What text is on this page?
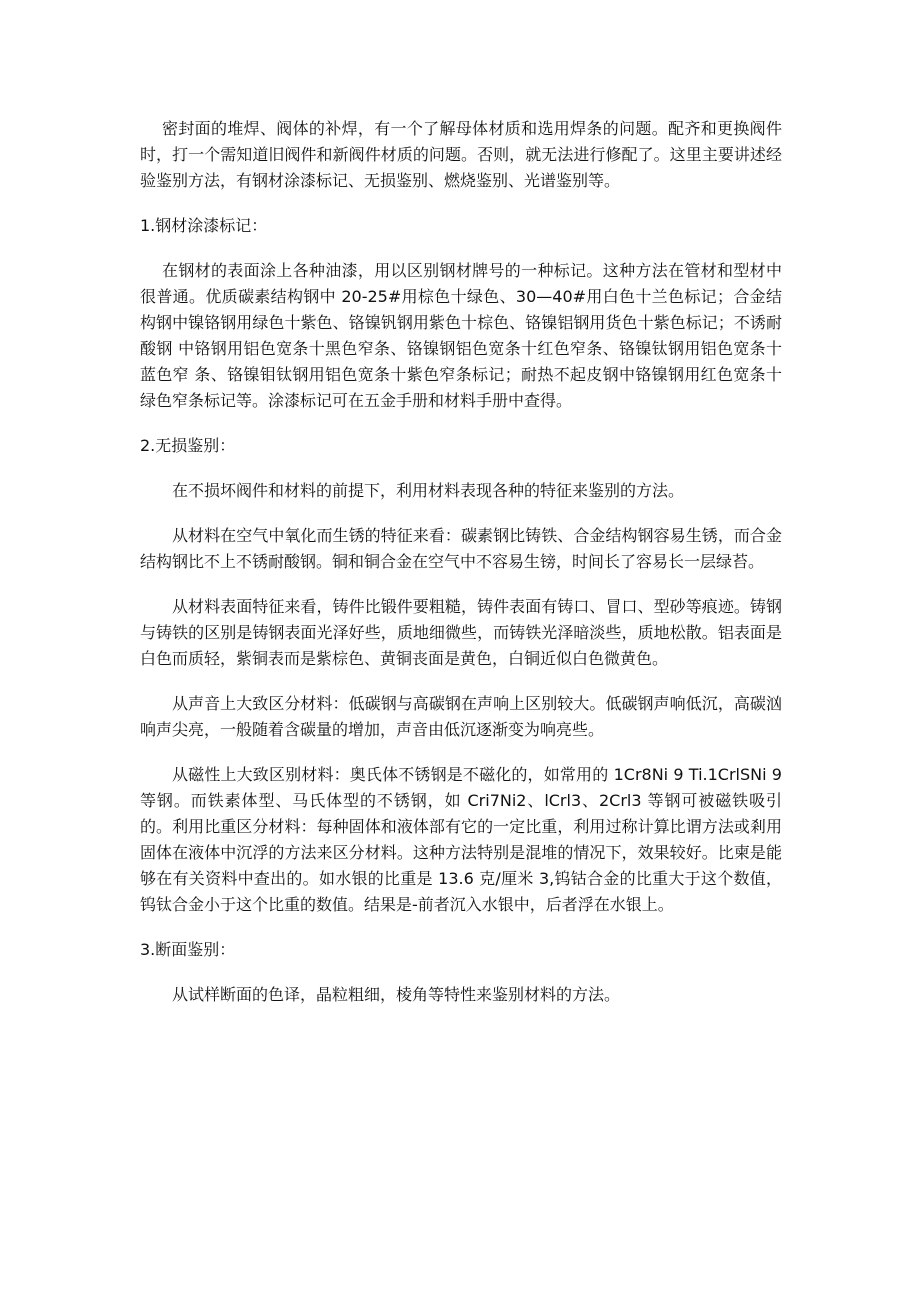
密封面的堆焊、阀体的补焊，有一个了解母体材质和选用焊条的问题。配齐和更换阀件 时，打一个需知道旧阀件和新阀件材质的问题。否则，就无法进行修配了。这里主要讲述经 验鉴别方法，有钢材涂漆标记、无损鉴别、燃烧鉴别、光谱鉴别等。

1.钢材涂漆标记：

在钢材的表面涂上各种油漆，用以区别钢材牌号的一种标记。这种方法在管材和型材中 很普通。优质碳素结构钢中 20-25#用棕色十绿色、30—40#用白色十兰色标记；合金结构钢中镍铬钢用绿色十紫色、铬镍钒钢用紫色十棕色、铬镍铝钢用货色十紫色标记；不诱耐酸钢 中铬钢用铝色宽条十黑色窄条、铬镍钢铝色宽条十红色窄条、铬镍钛钢用铝色宽条十蓝色窄 条、铬镍钼钛钢用铝色宽条十紫色窄条标记；耐热不起皮钢中铬镍钢用红色宽条十绿色窄条标记等。涂漆标记可在五金手册和材料手册中查得。

2.无损鉴别：

在不损坏阀件和材料的前提下，利用材料表现各种的特征来鉴别的方法。

从材料在空气中氧化而生锈的特征来看：碳素钢比铸铁、合金结构钢容易生锈，而合金 结构钢比不上不锈耐酸钢。铜和铜合金在空气中不容易生镑，时间长了容易长一层绿苔。

从材料表面特征来看，铸件比锻件要粗糙，铸件表面有铸口、冒口、型砂等痕迹。铸钢 与铸铁的区别是铸钢表面光泽好些，质地细微些，而铸铁光泽暗淡些，质地松散。铝表面是白色而质轻，紫铜表而是紫棕色、黄铜丧面是黄色，白铜近似白色微黄色。

从声音上大致区分材料：低碳钢与高碳钢在声响上区别较大。低碳钢声响低沉，高碳汹响声尖亮，一般随着含碳量的增加，声音由低沉逐渐变为响亮些。

从磁性上大致区别材料：奥氏体不锈钢是不磁化的，如常用的 1Cr8Ni 9 Ti.1CrlSNi 9 等钢。而铁素体型、马氏体型的不锈钢，如 Cri7Ni2、lCrl3、2Crl3 等钢可被磁铁吸引的。利用比重区分材料：每种固体和液体部有它的一定比重，利用过称计算比谓方法或剎用 固体在液体中沉浮的方法来区分材料。这种方法特别是混堆的情况下，效果较好。比柬是能 够在有关资料中查出的。如水银的比重是 13.6 克/厘米 3,钨钴合金的比重大于这个数值， 钨钛合金小于这个比重的数值。结果是-前者沉入水银中，后者浮在水银上。

3.断面鉴别：

从试样断面的色译，晶粒粗细，棱角等特性来鉴别材料的方法。
